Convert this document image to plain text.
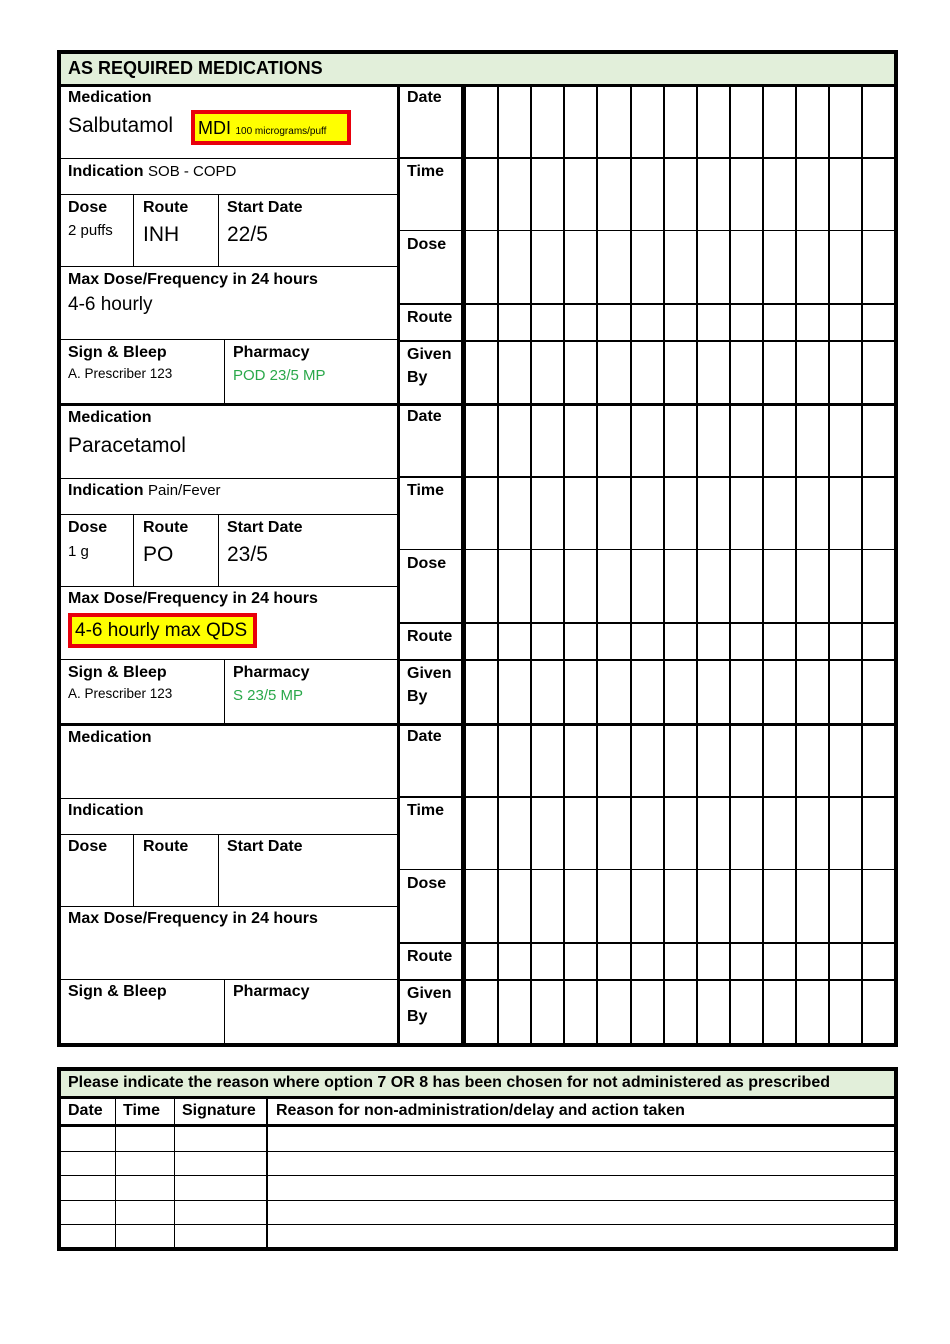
AS REQUIRED MEDICATIONS
Date
Time
Dose
Route
Given
By
Date
Time
Dose
Route
Given
By
Date
Time
Dose
Route
Given
By
Medication
Salbutamol	MDI 100 micrograms/puff
Indication SOB - COPD
Dose
2 puffs
Route
INH
Start Date
22/5
Max Dose/Frequency in 24 hours
4-6 hourly
Sign & Bleep
A. Prescriber 123
Pharmacy
POD 23/5 MP
Medication
Paracetamol
Indication Pain/Fever
Dose
1 g
Route
PO
Start Date
23/5
Max Dose/Frequency in 24 hours
4-6 hourly max QDS
Sign & Bleep
A. Prescriber 123
Pharmacy
S 23/5 MP
Medication
Indication
Dose Route Start Date
Max Dose/Frequency in 24 hours
Sign & Bleep	Pharmacy
Please indicate the reason where option 7 OR 8 has been chosen for not administered as prescribed
Date Time Signature Reason for non-administration/delay and action taken
